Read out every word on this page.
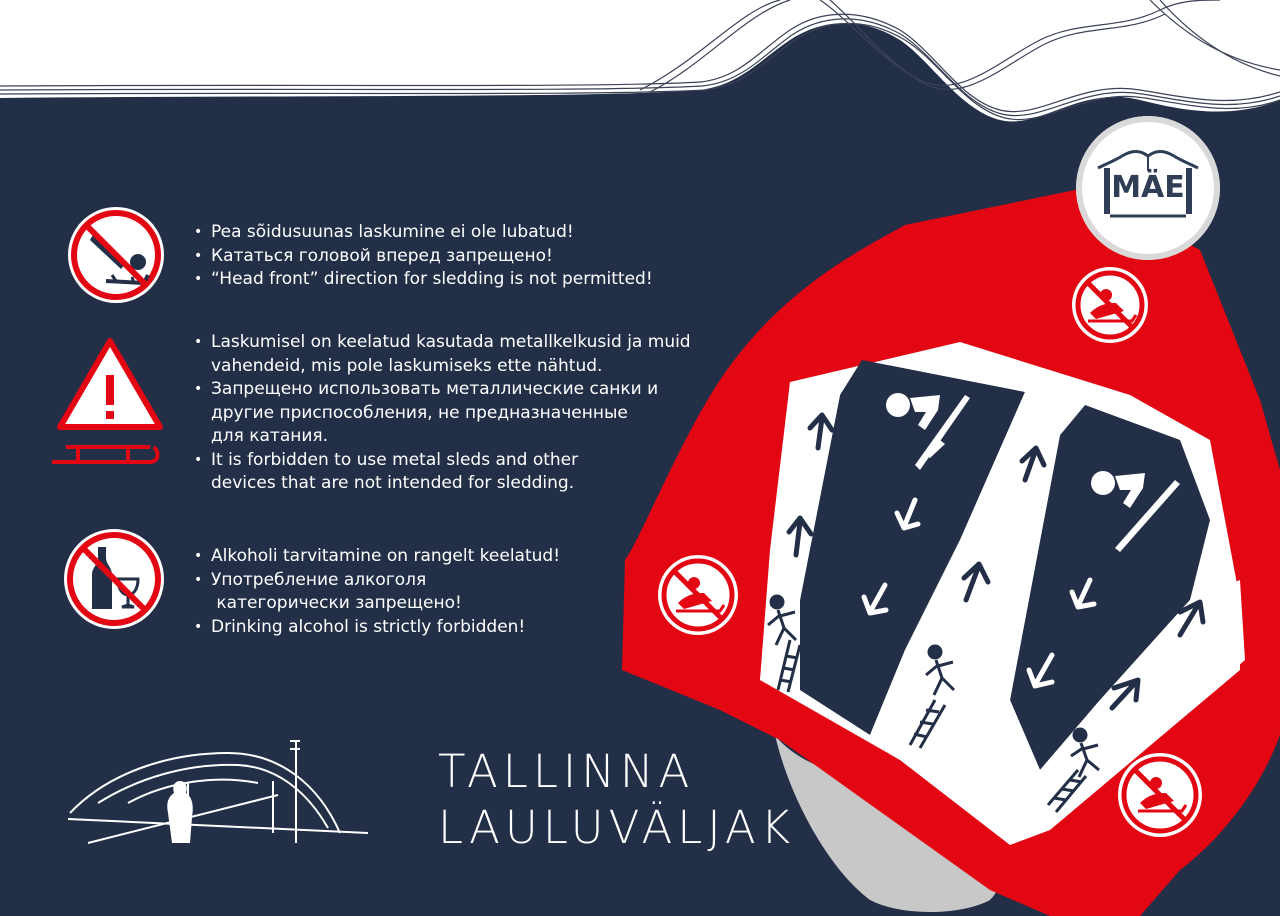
MÄE
• Pea sõidusuunas laskumine ei ole lubatud!
• Кататься головой вперед запрещено!
• “Head front” direction for sledding is not permitted!
• Laskumisel on keelatud kasutada metallkelkusid ja muid
vahendeid, mis pole laskumiseks ette nähtud.
• Запрещено использовать металлические санки и
другие приспособления, не предназначенные
для катания.
• It is forbidden to use metal sleds and other
devices that are not intended for sledding.
• Alkoholi tarvitamine on rangelt keelatud!
• Употребление алкоголя
категорически запрещено!
• Drinking alcohol is strictly forbidden!
TALLINNA
LAULUVÄLJAK
